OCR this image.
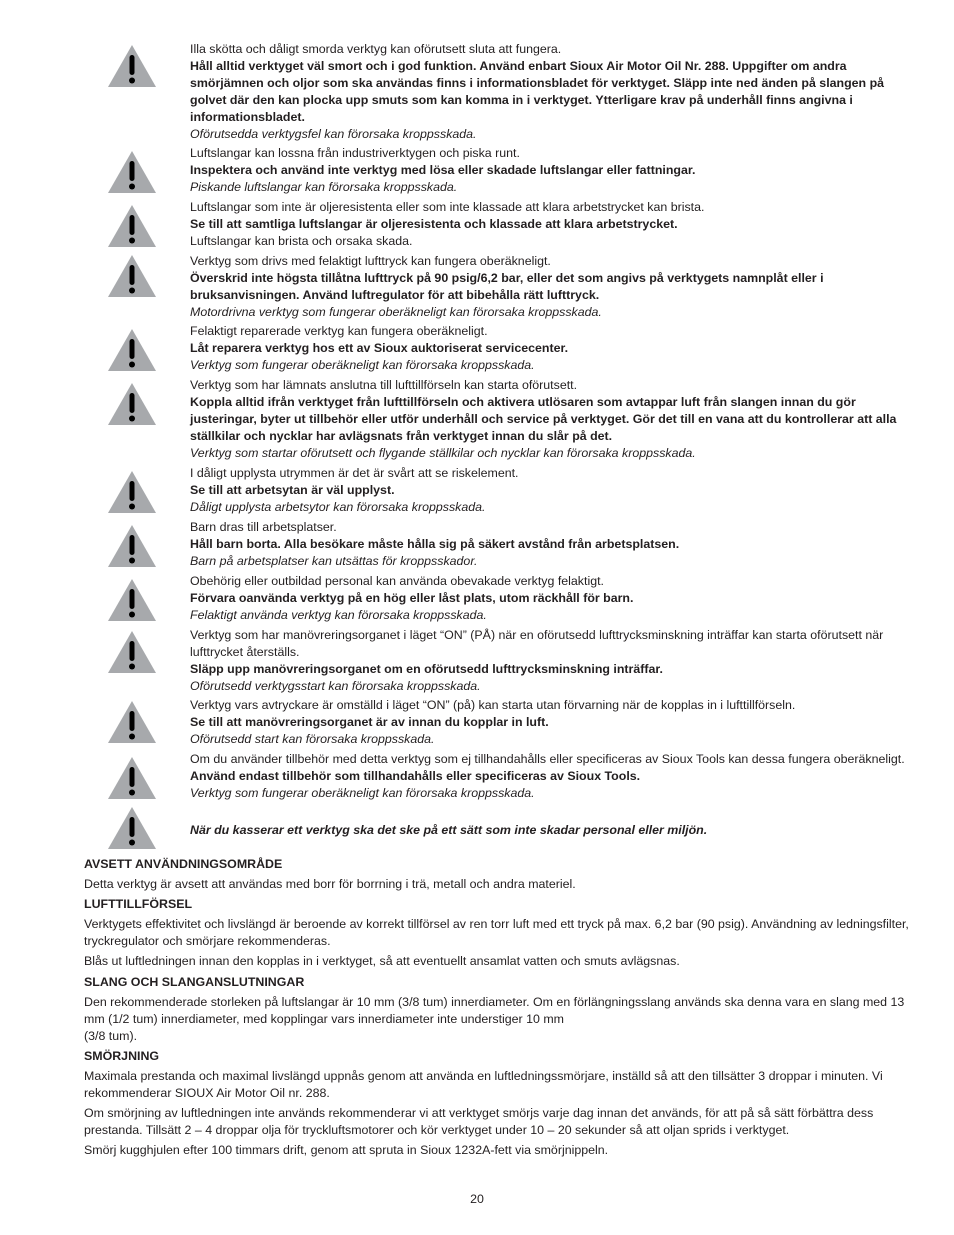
Illa skötta och dåligt smorda verktyg kan oförutsett sluta att fungera.
Håll alltid verktyget väl smort och i god funktion. Använd enbart Sioux Air Motor Oil Nr. 288. Uppgifter om andra smörjämnen och oljor som ska användas finns i informationsbladet för verktyget. Släpp inte ned änden på slangen på golvet där den kan plocka upp smuts som kan komma in i verktyget. Ytterligare krav på underhåll finns angivna i informationsbladet.
Oförutsedda verktygsfel kan förorsaka kroppsskada.
Luftslangar kan lossna från industriverktygen och piska runt.
Inspektera och använd inte verktyg med lösa eller skadade luftslangar eller fattningar.
Piskande luftslangar kan förorsaka kroppsskada.
Luftslangar som inte är oljeresistenta eller som inte klassade att klara arbetstrycket kan brista.
Se till att samtliga luftslangar är oljeresistenta och klassade att klara arbetstrycket.
Luftslangar kan brista och orsaka skada.
Verktyg som drivs med felaktigt lufttryck kan fungera oberäkneligt.
Överskrid inte högsta tillåtna lufttryck på 90 psig/6,2 bar, eller det som angivs på verktygets namnplåt eller i bruksanvisningen. Använd luftregulator för att bibehålla rätt lufttryck.
Motordrivna verktyg som fungerar oberäkneligt kan förorsaka kroppsskada.
Felaktigt reparerade verktyg kan fungera oberäkneligt.
Låt reparera verktyg hos ett av Sioux auktoriserat servicecenter.
Verktyg som fungerar oberäkneligt kan förorsaka kroppsskada.
Verktyg som har lämnats anslutna till lufttillförseln kan starta oförutsett.
Koppla alltid ifrån verktyget från lufttillförseln och aktivera utlösaren som avtappar luft från slangen innan du gör justeringar, byter ut tillbehör eller utför underhåll och service på verktyget. Gör det till en vana att du kontrollerar att alla ställkilar och nycklar har avlägsnats från verktyget innan du slår på det.
Verktyg som startar oförutsett och flygande ställkilar och nycklar kan förorsaka kroppsskada.
I dåligt upplysta utrymmen är det är svårt att se riskelement.
Se till att arbetsytan är väl upplyst.
Dåligt upplysta arbetsytor kan förorsaka kroppsskada.
Barn dras till arbetsplatser.
Håll barn borta. Alla besökare måste hålla sig på säkert avstånd från arbetsplatsen.
Barn på arbetsplatser kan utsättas för kroppsskador.
Obehörig eller outbildad personal kan använda obevakade verktyg felaktigt.
Förvara oanvända verktyg på en hög eller låst plats, utom räckhåll för barn.
Felaktigt använda verktyg kan förorsaka kroppsskada.
Verktyg som har manövreringsorganet i läget “ON” (PÅ) när en oförutsedd lufttrycksminskning inträffar kan starta oförutsett när lufttrycket återställs.
Släpp upp manövreringsorganet om en oförutsedd lufttrycksminskning inträffar.
Oförutsedd verktygsstart kan förorsaka kroppsskada.
Verktyg vars avtryckare är omställd i läget “ON” (på) kan starta utan förvarning när de kopplas in i lufttillförseln.
Se till att manövreringsorganet är av innan du kopplar in luft.
Oförutsedd start kan förorsaka kroppsskada.
Om du använder tillbehör med detta verktyg som ej tillhandahålls eller specificeras av Sioux Tools kan dessa fungera oberäkneligt.
Använd endast tillbehör som tillhandahålls eller specificeras av Sioux Tools.
Verktyg som fungerar oberäkneligt kan förorsaka kroppsskada.
När du kasserar ett verktyg ska det ske på ett sätt som inte skadar personal eller miljön.
AVSETT ANVÄNDNINGSOMRÅDE
Detta verktyg är avsett att användas med borr för borrning i trä, metall och andra materiel.
LUFTTILLFÖRSEL
Verktygets effektivitet och livslängd är beroende av korrekt tillförsel av ren torr luft med ett tryck på max. 6,2 bar (90 psig). Användning av ledningsfilter, tryckregulator och smörjare rekommenderas.
Blås ut luftledningen innan den kopplas in i verktyget, så att eventuellt ansamlat vatten och smuts avlägsnas.
SLANG OCH SLANGANSLUTNINGAR
Den rekommenderade storleken på luftslangar är 10 mm (3/8 tum) innerdiameter. Om en förlängningsslang används ska denna vara en slang med 13 mm (1/2 tum) innerdiameter, med kopplingar vars innerdiameter inte understiger 10 mm
(3/8 tum).
SMÖRJNING
Maximala prestanda och maximal livslängd uppnås genom att använda en luftledningssmörjare, inställd så att den tillsätter 3 droppar i minuten. Vi rekommenderar SIOUX Air Motor Oil nr. 288.
Om smörjning av luftledningen inte används rekommenderar vi att verktyget smörjs varje dag innan det används, för att på så sätt förbättra dess prestanda. Tillsätt 2 – 4 droppar olja för tryckluftsmotorer och kör verktyget under 10 – 20 sekunder så att oljan sprids i verktyget.
Smörj kugghjulen efter 100 timmars drift, genom att spruta in Sioux 1232A-fett via smörjnippeln.
20
